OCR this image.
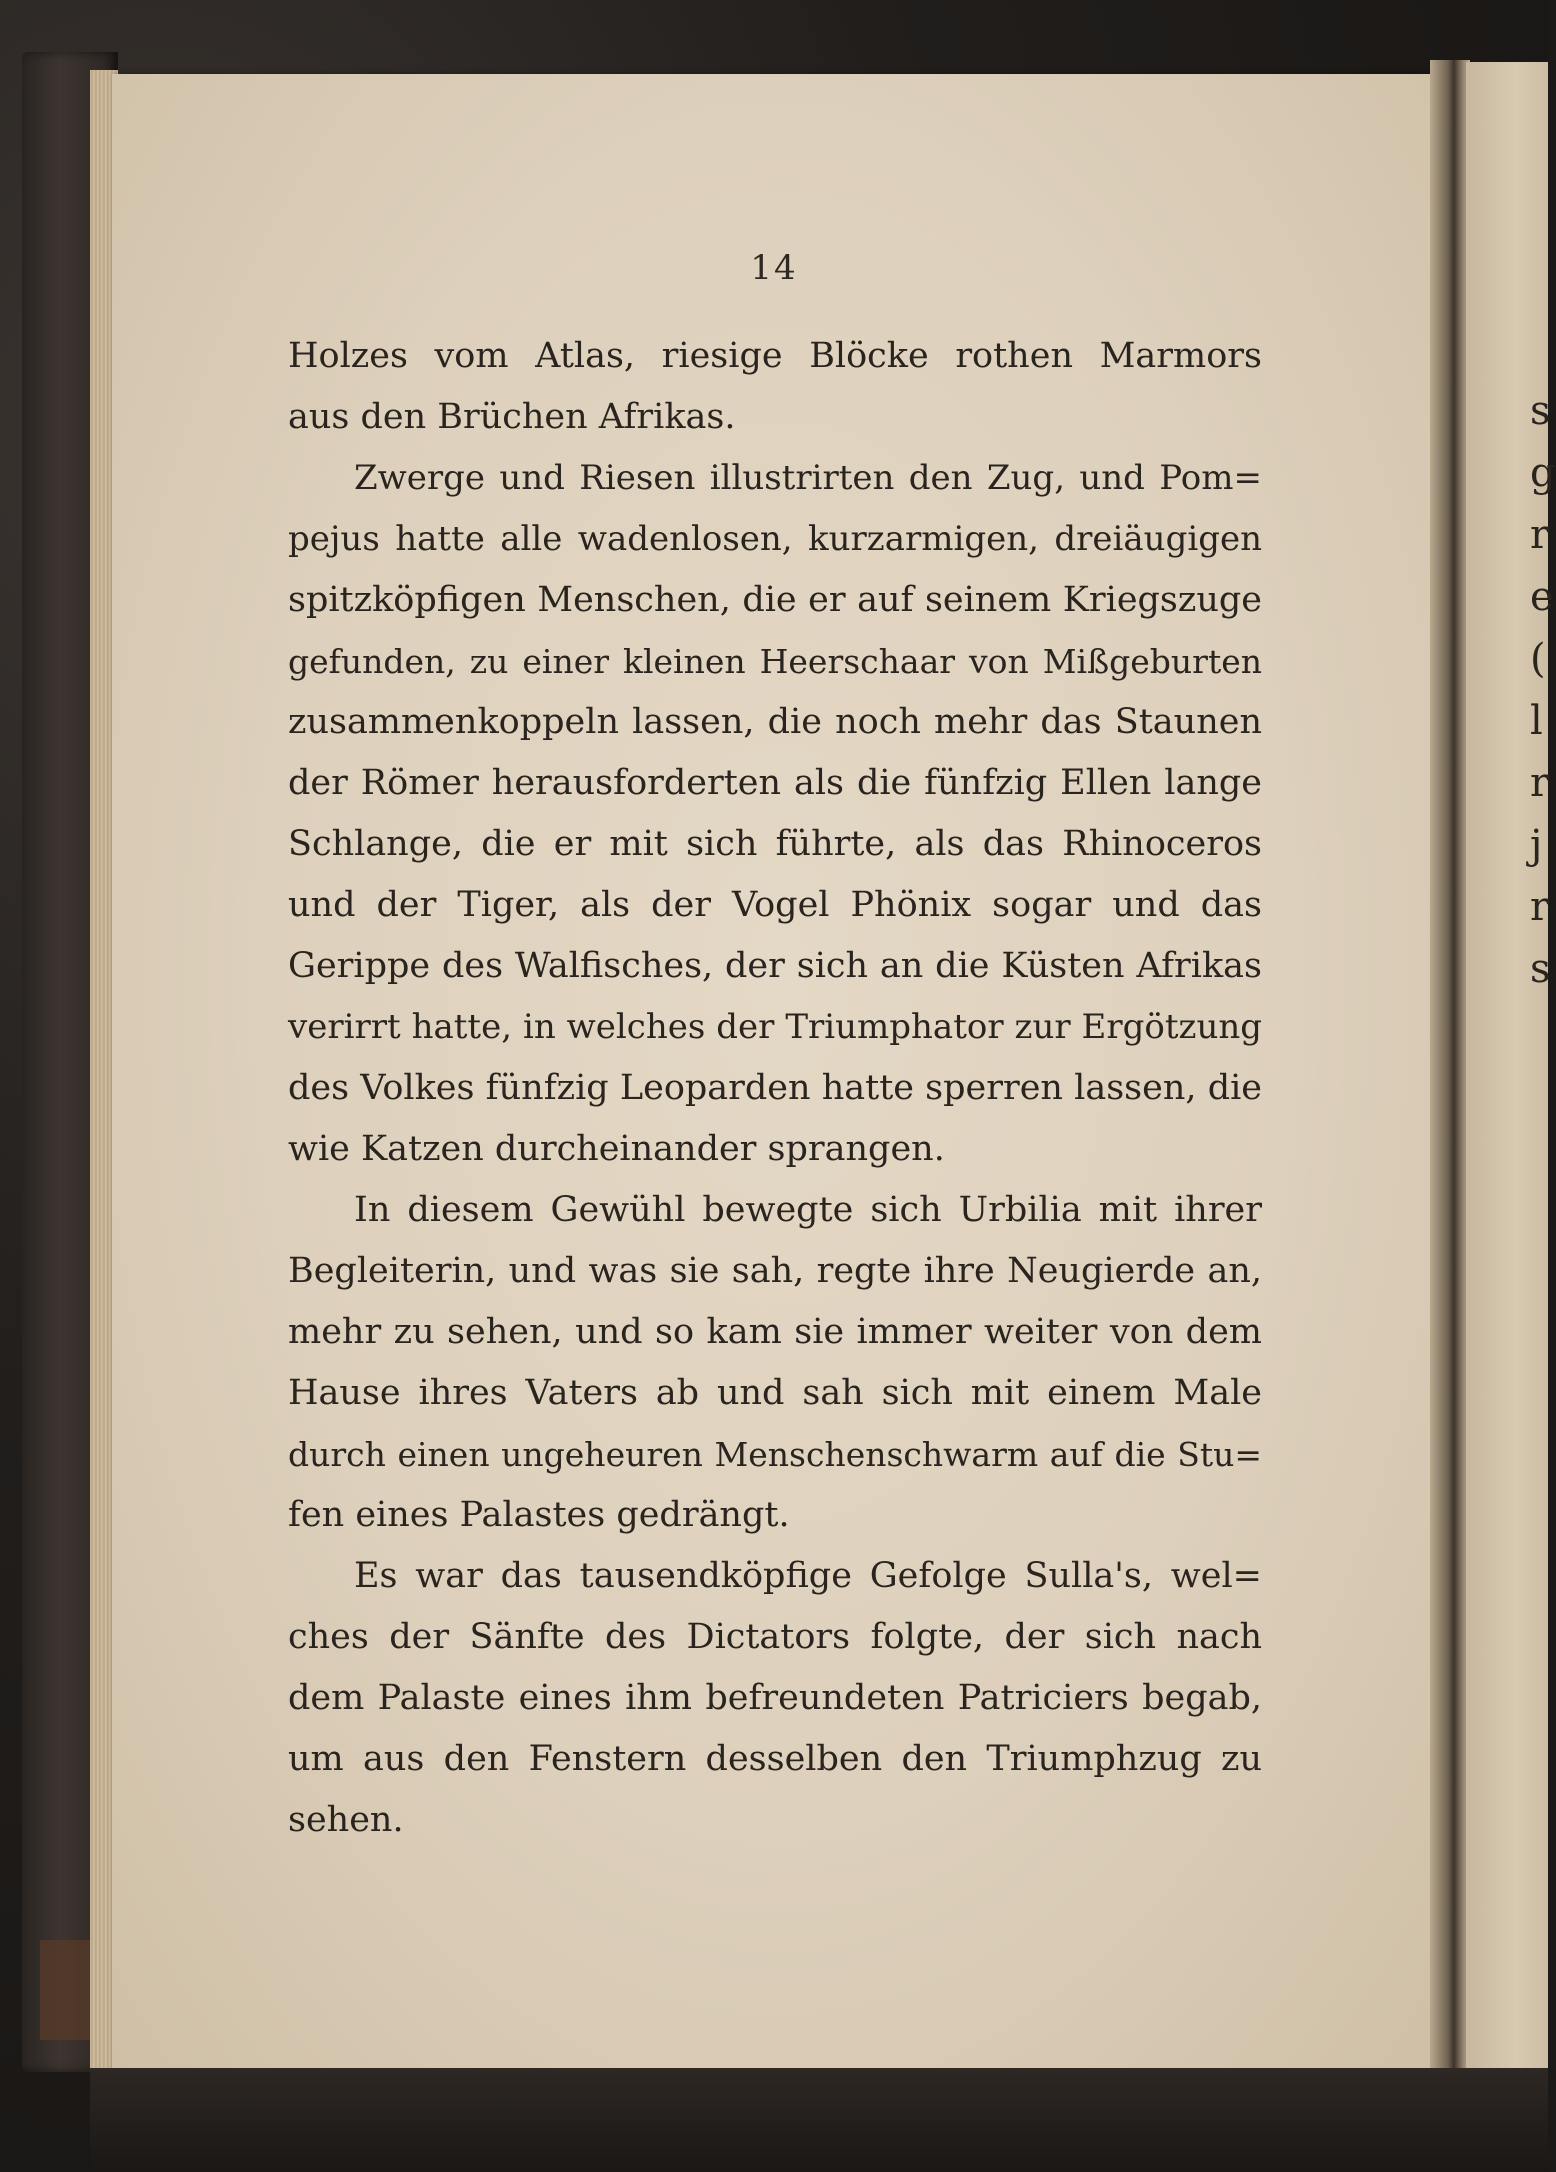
s
g
r
e
(
l
r
j
r
s
14
Holzes vom Atlas, riesige Blöcke rothen Marmors
aus den Brüchen Afrikas.
Zwerge und Riesen illustrirten den Zug, und Pom=
pejus hatte alle wadenlosen, kurzarmigen, dreiäugigen
spitzköpfigen Menschen, die er auf seinem Kriegszuge
gefunden, zu einer kleinen Heerschaar von Mißgeburten
zusammenkoppeln lassen, die noch mehr das Staunen
der Römer herausforderten als die fünfzig Ellen lange
Schlange, die er mit sich führte, als das Rhinoceros
und der Tiger, als der Vogel Phönix sogar und das
Gerippe des Walfisches, der sich an die Küsten Afrikas
verirrt hatte, in welches der Triumphator zur Ergötzung
des Volkes fünfzig Leoparden hatte sperren lassen, die
wie Katzen durcheinander sprangen.
In diesem Gewühl bewegte sich Urbilia mit ihrer
Begleiterin, und was sie sah, regte ihre Neugierde an,
mehr zu sehen, und so kam sie immer weiter von dem
Hause ihres Vaters ab und sah sich mit einem Male
durch einen ungeheuren Menschenschwarm auf die Stu=
fen eines Palastes gedrängt.
Es war das tausendköpfige Gefolge Sulla's, wel=
ches der Sänfte des Dictators folgte, der sich nach
dem Palaste eines ihm befreundeten Patriciers begab,
um aus den Fenstern desselben den Triumphzug zu
sehen.
